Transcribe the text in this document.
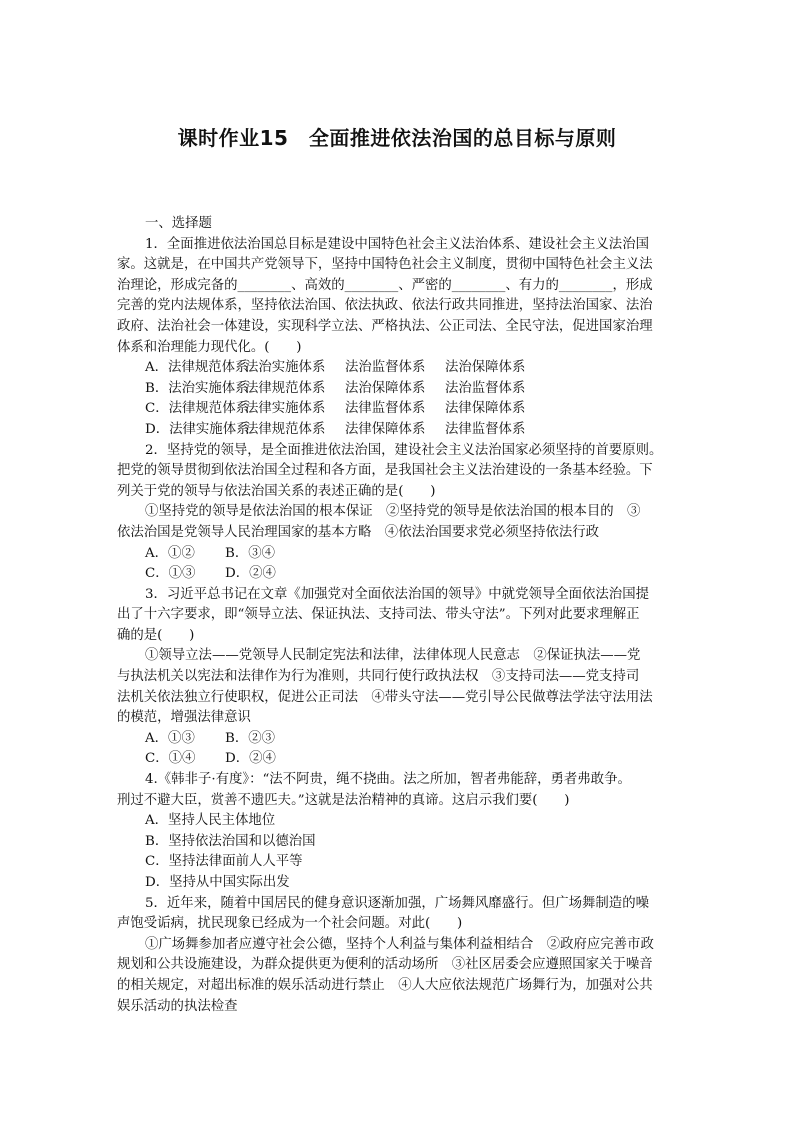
课时作业15　全面推进依法治国的总目标与原则
一、选择题
1．全面推进依法治国总目标是建设中国特色社会主义法治体系、建设社会主义法治国
家。这就是，在中国共产党领导下，坚持中国特色社会主义制度，贯彻中国特色社会主义法
治理论，形成完备的________、高效的________、严密的________、有力的________，形成
完善的党内法规体系，坚持依法治国、依法执政、依法行政共同推进，坚持法治国家、法治
政府、法治社会一体建设，实现科学立法、严格执法、公正司法、全民守法，促进国家治理
体系和治理能力现代化。(　　)
A．法律规范体系法治实施体系 法治监督体系 法治保障体系
B．法治实施体系法律规范体系 法治保障体系 法治监督体系
C．法律规范体系法律实施体系 法律监督体系 法律保障体系
D．法律实施体系法律规范体系 法律保障体系 法律监督体系
2．坚持党的领导，是全面推进依法治国，建设社会主义法治国家必须坚持的首要原则。
把党的领导贯彻到依法治国全过程和各方面，是我国社会主义法治建设的一条基本经验。下
列关于党的领导与依法治国关系的表述正确的是(　　)
①坚持党的领导是依法治国的根本保证　②坚持党的领导是依法治国的根本目的　③
依法治国是党领导人民治理国家的基本方略　④依法治国要求党必须坚持依法行政
A．①② B．③④
C．①③ D．②④
3．习近平总书记在文章《加强党对全面依法治国的领导》中就党领导全面依法治国提
出了十六字要求，即“领导立法、保证执法、支持司法、带头守法”。下列对此要求理解正
确的是(　　)
①领导立法——党领导人民制定宪法和法律，法律体现人民意志　②保证执法——党
与执法机关以宪法和法律作为行为准则，共同行使行政执法权　③支持司法——党支持司
法机关依法独立行使职权，促进公正司法　④带头守法——党引导公民做尊法学法守法用法
的模范，增强法律意识
A．①③ B．②③
C．①④ D．②④
4.《韩非子·有度》：“法不阿贵，绳不挠曲。法之所加，智者弗能辞，勇者弗敢争。
刑过不避大臣，赏善不遗匹夫。”这就是法治精神的真谛。这启示我们要(　　)
A．坚持人民主体地位
B．坚持依法治国和以德治国
C．坚持法律面前人人平等
D．坚持从中国实际出发
5．近年来，随着中国居民的健身意识逐渐加强，广场舞风靡盛行。但广场舞制造的噪
声饱受诟病，扰民现象已经成为一个社会问题。对此(　　)
①广场舞参加者应遵守社会公德，坚持个人利益与集体利益相结合　②政府应完善市政
规划和公共设施建设，为群众提供更为便利的活动场所　③社区居委会应遵照国家关于噪音
的相关规定，对超出标准的娱乐活动进行禁止　④人大应依法规范广场舞行为，加强对公共
娱乐活动的执法检查
